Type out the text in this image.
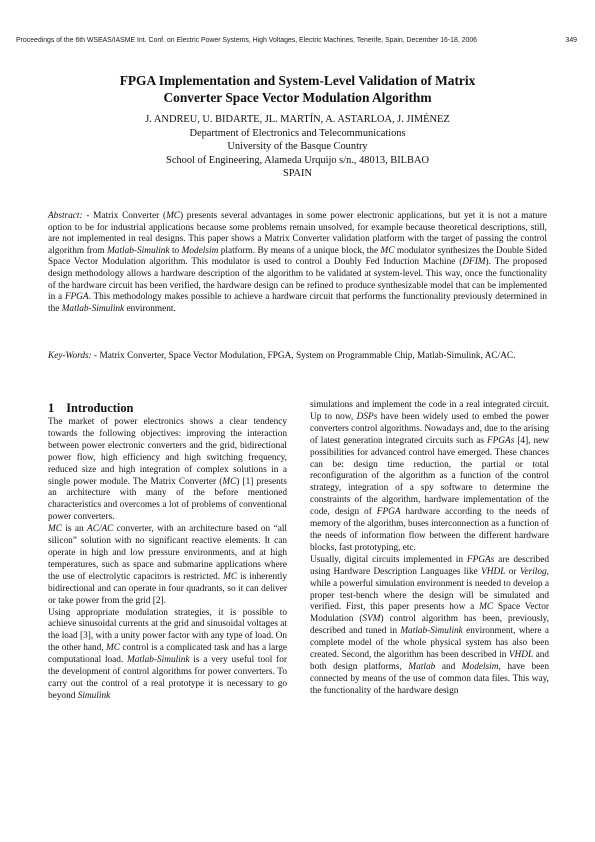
Proceedings of the 6th WSEAS/IASME Int. Conf. on Electric Power Systems, High Voltages, Electric Machines, Tenerife, Spain, December 16-18, 2006	349
FPGA Implementation and System-Level Validation of Matrix
Converter Space Vector Modulation Algorithm
J. ANDREU, U. BIDARTE, JL. MARTÍN, A. ASTARLOA, J. JIMÉNEZ
Department of Electronics and Telecommunications
University of the Basque Country
School of Engineering, Alameda Urquijo s/n., 48013, BILBAO
SPAIN
Abstract: - Matrix Converter (MC) presents several advantages in some power electronic applications, but yet it is not a mature option to be for industrial applications because some problems remain unsolved, for example because theoretical descriptions, still, are not implemented in real designs. This paper shows a Matrix Converter validation platform with the target of passing the control algorithm from Matlab-Simulink to Modelsim platform. By means of a unique block, the MC modulator synthesizes the Double Sided Space Vector Modulation algorithm. This modulator is used to control a Doubly Fed Induction Machine (DFIM). The proposed design methodology allows a hardware description of the algorithm to be validated at system-level. This way, once the functionality of the hardware circuit has been verified, the hardware design can be refined to produce synthesizable model that can be implemented in a FPGA. This methodology makes possible to achieve a hardware circuit that performs the functionality previously determined in the Matlab-Simulink environment.
Key-Words: - Matrix Converter, Space Vector Modulation, FPGA, System on Programmable Chip, Matlab-Simulink, AC/AC.
1 Introduction

The market of power electronics shows a clear tendency towards the following objectives: improving the interaction between power electronic converters and the grid, bidirectional power flow, high efficiency and high switching frequency, reduced size and high integration of complex solutions in a single power module. The Matrix Converter (MC) [1] presents an architecture with many of the before mentioned characteristics and overcomes a lot of problems of conventional power converters.

MC is an AC/AC converter, with an architecture based on “all silicon” solution with no significant reactive elements. It can operate in high and low pressure environments, and at high temperatures, such as space and submarine applications where the use of electrolytic capacitors is restricted. MC is inherently bidirectional and can operate in four quadrants, so it can deliver or take power from the grid [2].

Using appropriate modulation strategies, it is possible to achieve sinusoidal currents at the grid and sinusoidal voltages at the load [3], with a unity power factor with any type of load. On the other hand, MC control is a complicated task and has a large computational load. Matlab-Simulink is a very useful tool for the development of control algorithms for power converters. To carry out the control of a real prototype it is necessary to go beyond Simulink

simulations and implement the code in a real integrated circuit. Up to now, DSPs have been widely used to embed the power converters control algorithms. Nowadays and, due to the arising of latest generation integrated circuits such as FPGAs [4], new possibilities for advanced control have emerged. These chances can be: design time reduction, the partial or total reconfiguration of the algorithm as a function of the control strategy, integration of a spy software to determine the constraints of the algorithm, hardware implementation of the code, design of FPGA hardware according to the needs of memory of the algorithm, buses interconnection as a function of the needs of information flow between the different hardware blocks, fast prototyping, etc.

Usually, digital circuits implemented in FPGAs are described using Hardware Description Languages like VHDL or Verilog, while a powerful simulation environment is needed to develop a proper test-bench where the design will be simulated and verified. First, this paper presents how a MC Space Vector Modulation (SVM) control algorithm has been, previously, described and tuned in Matlab-Simulink environment, where a complete model of the whole physical system has also been created. Second, the algorithm has been described in VHDL and both design platforms, Matlab and Modelsim, have been connected by means of the use of common data files. This way, the functionality of the hardware design
